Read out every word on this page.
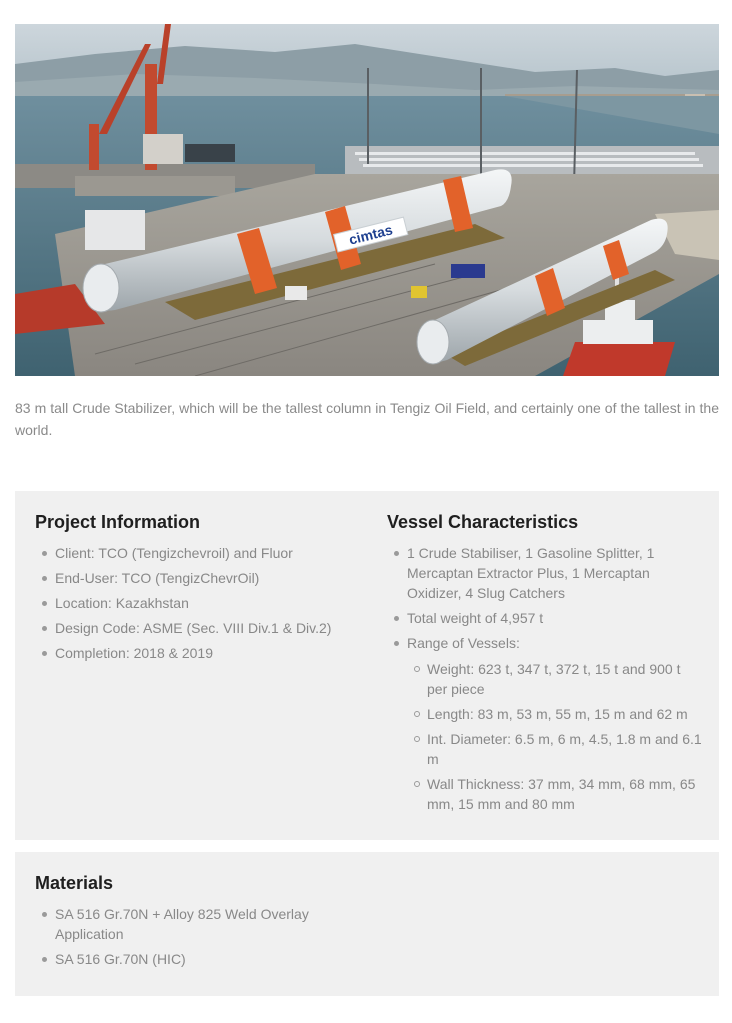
cimtas

83 m tall Crude Stabilizer, which will be the tallest column in Tengiz Oil Field, and certainly one of the tallest in the world.

Project Information
Client: TCO (Tengizchevroil) and Fluor
End-User: TCO (TengizChevrOil)
Location: Kazakhstan
Design Code: ASME (Sec. VIII Div.1 & Div.2)
Completion: 2018 & 2019
Vessel Characteristics
1 Crude Stabiliser, 1 Gasoline Splitter, 1 Mercaptan Extractor Plus, 1 Mercaptan Oxidizer, 4 Slug Catchers
Total weight of 4,957 t
Range of Vessels:
Weight: 623 t, 347 t, 372 t, 15 t and 900 t per piece
Length: 83 m, 53 m, 55 m, 15 m and 62 m
Int. Diameter: 6.5 m, 6 m, 4.5, 1.8 m and 6.1 m
Wall Thickness: 37 mm, 34 mm, 68 mm, 65 mm, 15 mm and 80 mm
Materials
SA 516 Gr.70N + Alloy 825 Weld Overlay Application
SA 516 Gr.70N (HIC)
